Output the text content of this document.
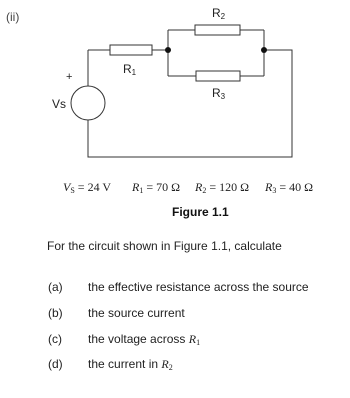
(ii)
+
Vs
R1
R2
R3
$V_S = 24$ V $R_1 = 70$ Ω $R_2 = 120$ Ω $R_3 = 40$ Ω
Figure 1.1
For the circuit shown in Figure 1.1, calculate
(a) the effective resistance across the source
(b) the source current
(c) the voltage across $R_1$
(d) the current in $R_2$
